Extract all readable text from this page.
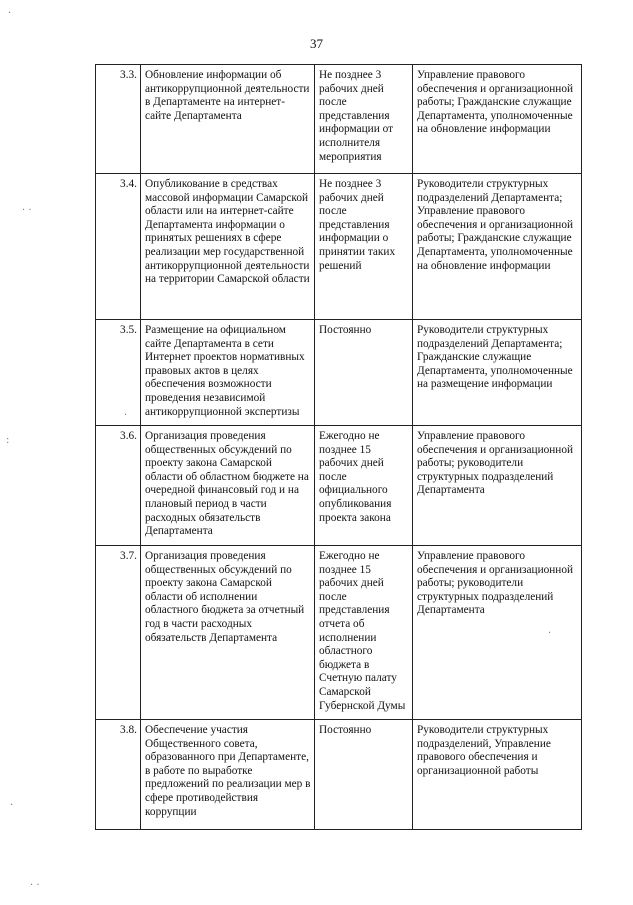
37
3.3.	Обновление информации об антикоррупционной деятельности в Департаменте на интернет-сайте Департамента	Не позднее 3 рабочих дней после представления информации от исполнителя мероприятия	Управление правового обеспечения и организационной работы; Гражданские служащие Департамента, уполномоченные на обновление информации
3.4.	Опубликование в средствах массовой информации Самарской области или на интернет-сайте Департамента информации о принятых решениях в сфере реализации мер государственной антикоррупционной деятельности на территории Самарской области	Не позднее 3 рабочих дней после представления информации о принятии таких решений	Руководители структурных подразделений Департамента; Управление правового обеспечения и организационной работы; Гражданские служащие Департамента, уполномоченные на обновление информации
3.5.	Размещение на официальном сайте Департамента в сети Интернет проектов нормативных правовых актов в целях обеспечения возможности проведения независимой антикоррупционной экспертизы	Постоянно	Руководители структурных подразделений Департамента; Гражданские служащие Департамента, уполномоченные на размещение информации
3.6.	Организация проведения общественных обсуждений по проекту закона Самарской области об областном бюджете на очередной финансовый год и на плановый период в части расходных обязательств Департамента	Ежегодно не позднее 15 рабочих дней после официального опубликования проекта закона	Управление правового обеспечения и организационной работы; руководители структурных подразделений Департамента
3.7.	Организация проведения общественных обсуждений по проекту закона Самарской области об исполнении областного бюджета за отчетный год в части расходных обязательств Департамента	Ежегодно не позднее 15 рабочих дней после представления отчета об исполнении областного бюджета в Счетную палату Самарской Губернской Думы	Управление правового обеспечения и организационной работы; руководители структурных подразделений Департамента
3.8.	Обеспечение участия Общественного совета, образованного при Департаменте, в работе по выработке предложений по реализации мер в сфере противодействия коррупции	Постоянно	Руководители структурных подразделений, Управление правового обеспечения и организационной работы
·
· ·
:
·
· ·
·
·
